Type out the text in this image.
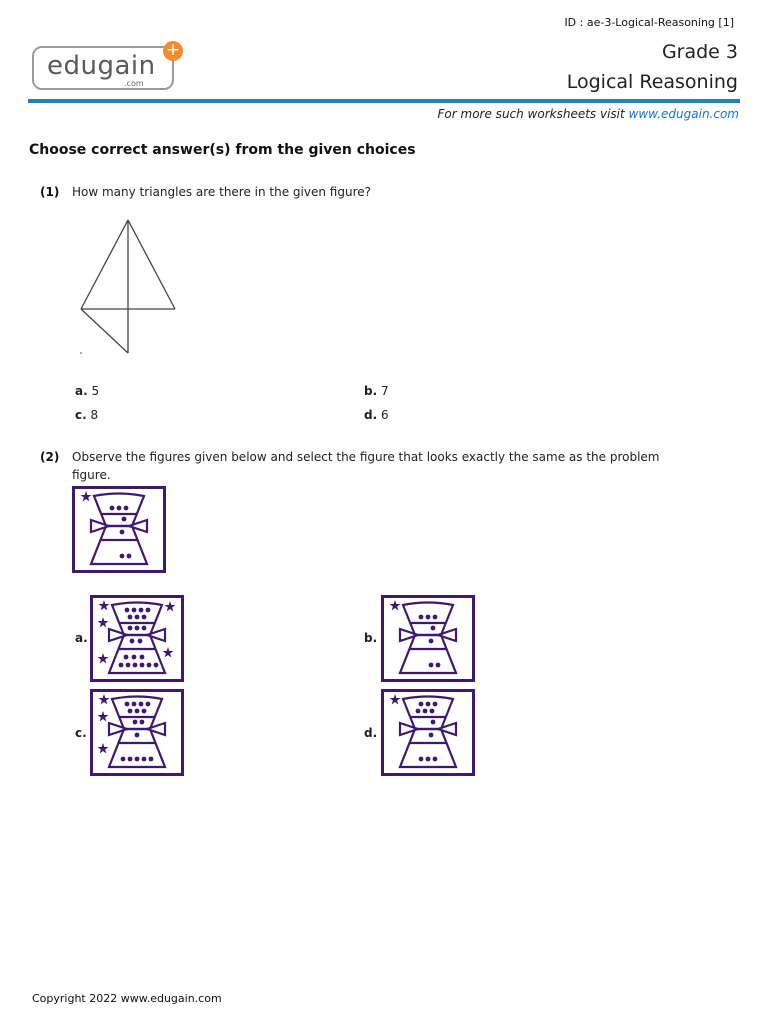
ID : ae-3-Logical-Reasoning [1]
edugain
.com
+	Grade 3
Logical Reasoning
For more such worksheets visit www.edugain.com
Choose correct answer(s) from the given choices
(1) How many triangles are there in the given figure?
a. 5	b. 7
c. 8	d. 6
(2) Observe the figures given below and select the figure that looks exactly the same as the problem
figure.
a.	b.
c.	d.
Copyright 2022 www.edugain.com
